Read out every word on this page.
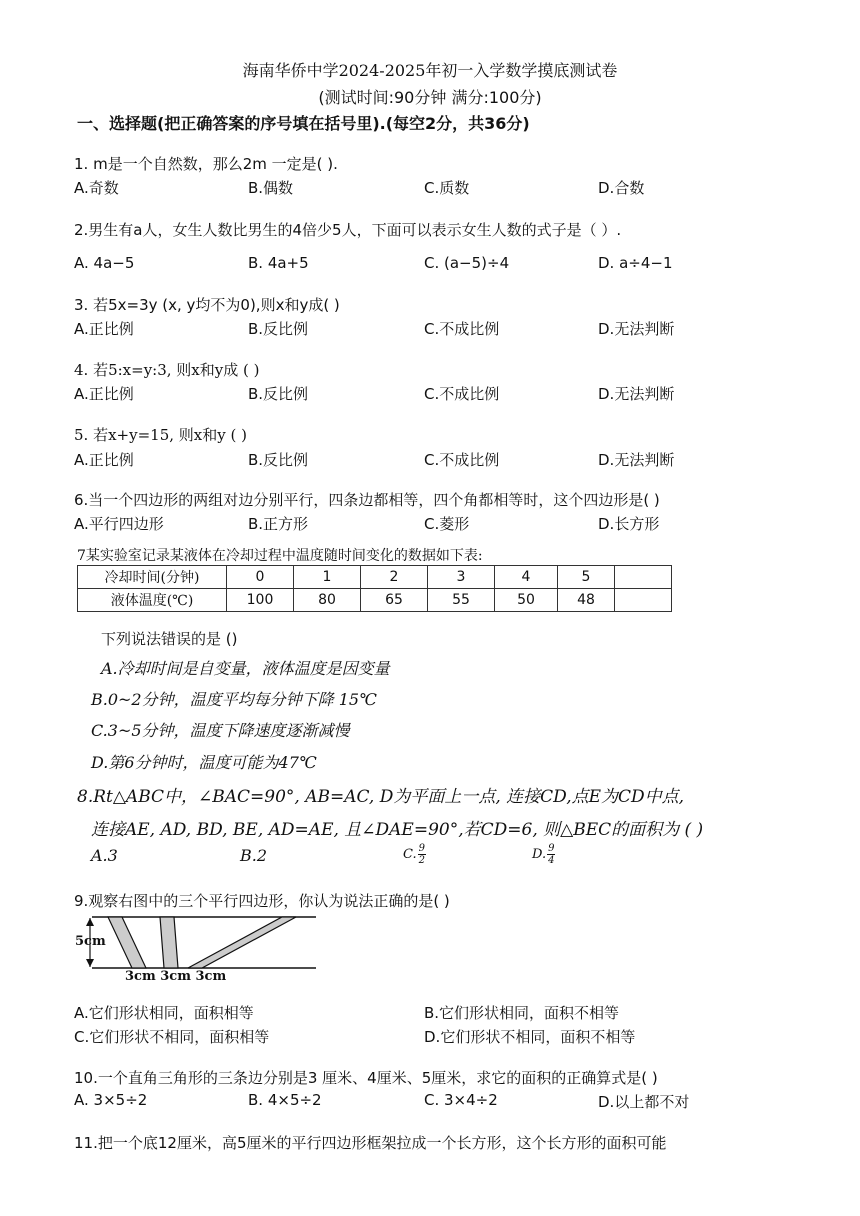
海南华侨中学2024-2025年初一入学数学摸底测试卷
(测试时间:90分钟 满分:100分)
一、选择题(把正确答案的序号填在括号里).(每空2分，共36分)
1. m是一个自然数，那么2m 一定是( ).
A.奇数	B.偶数	C.质数	D.合数
2.男生有a人，女生人数比男生的4倍少5人，下面可以表示女生人数的式子是（ ）.
A. 4a−5	B. 4a+5	C. (a−5)÷4	D. a÷4−1
3. 若5x=3y (x, y均不为0),则x和y成( )
A.正比例	B.反比例	C.不成比例	D.无法判断
4. 若5:x=y:3, 则x和y成 ( )
A.正比例	B.反比例	C.不成比例	D.无法判断
5. 若x+y=15, 则x和y ( )
A.正比例	B.反比例	C.不成比例	D.无法判断
6.当一个四边形的两组对边分别平行，四条边都相等，四个角都相等时，这个四边形是( )
A.平行四边形	B.正方形	C.菱形	D.长方形
7某实验室记录某液体在冷却过程中温度随时间变化的数据如下表:
冷却时间(分钟)	0	1	2	3	4	5	
液体温度(℃)	100	80	65	55	50	48	
下列说法错误的是 ()
A.冷却时间是自变量，液体温度是因变量
B.0~2分钟，温度平均每分钟下降 15℃
C.3~5分钟，温度下降速度逐渐减慢
D.第6分钟时，温度可能为47℃
8.Rt△ABC中，∠BAC=90°, AB=AC, D为平面上一点, 连接CD,点E为CD中点,
连接AE, AD, BD, BE, AD=AE, 且∠DAE=90°,若CD=6, 则△BEC的面积为 ( )
A.3	B.2	C. $\frac{9}{2}$	D. $\frac{9}{4}$
9.观察右图中的三个平行四边形，你认为说法正确的是( )
5cm
3cm 3cm 3cm
A.它们形状相同，面积相等	B.它们形状相同，面积不相等
C.它们形状不相同，面积相等	D.它们形状不相同，面积不相等
10.一个直角三角形的三条边分别是3 厘米、4厘米、5厘米，求它的面积的正确算式是( )
A. 3×5÷2	B. 4×5÷2	C. 3×4÷2	D.以上都不对
11.把一个底12厘米，高5厘米的平行四边形框架拉成一个长方形，这个长方形的面积可能
